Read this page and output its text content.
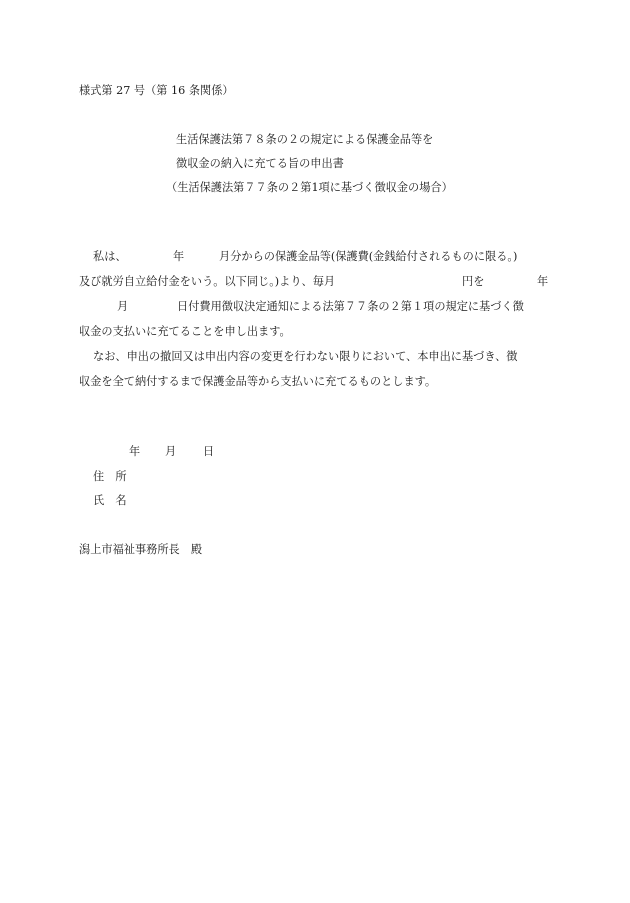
様式第 27 号（第 16 条関係）
生活保護法第７８条の２の規定による保護金品等を
徴収金の納入に充てる旨の申出書
（生活保護法第７７条の２第1項に基づく徴収金の場合）
私は、	年	月分からの保護金品等(保護費(金銭給付されるものに限る。)
及び就労自立給付金をいう。以下同じ。)より、毎月	円を	年
月	日付費用徴収決定通知による法第７７条の２第１項の規定に基づく徴
収金の支払いに充てることを申し出ます。
なお、申出の撤回又は申出内容の変更を行わない限りにおいて、本申出に基づき、徴
収金を全て納付するまで保護金品等から支払いに充てるものとします。
年 月 日
住　所
氏　名
潟上市福祉事務所長　殿
